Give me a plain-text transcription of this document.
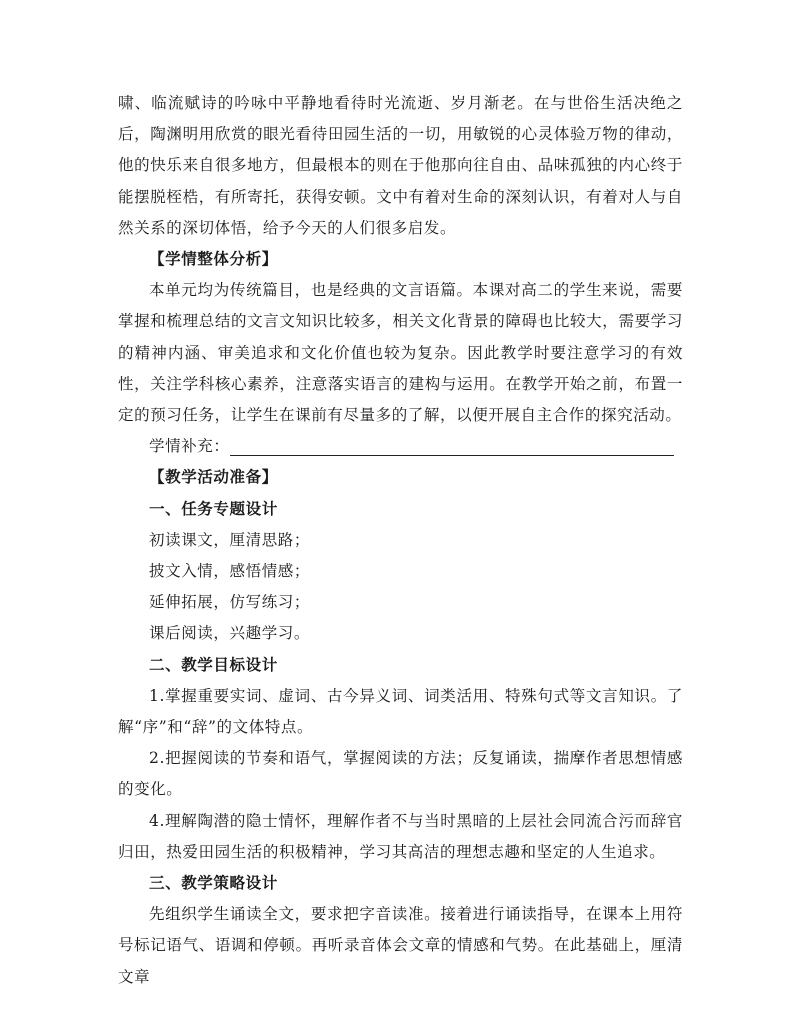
啸、临流赋诗的吟咏中平静地看待时光流逝、岁月渐老。在与世俗生活决绝之后，陶渊明用欣赏的眼光看待田园生活的一切，用敏锐的心灵体验万物的律动，他的快乐来自很多地方，但最根本的则在于他那向往自由、品味孤独的内心终于能摆脱桎梏，有所寄托，获得安顿。文中有着对生命的深刻认识，有着对人与自然关系的深切体悟，给予今天的人们很多启发。

【学情整体分析】

本单元均为传统篇目，也是经典的文言语篇。本课对高二的学生来说，需要掌握和梳理总结的文言文知识比较多，相关文化背景的障碍也比较大，需要学习的精神内涵、审美追求和文化价值也较为复杂。因此教学时要注意学习的有效性，关注学科核心素养，注意落实语言的建构与运用。在教学开始之前，布置一定的预习任务，让学生在课前有尽量多的了解，以便开展自主合作的探究活动。

学情补充：

【教学活动准备】

一、任务专题设计

初读课文，厘清思路；

披文入情，感悟情感；

延伸拓展，仿写练习；

课后阅读，兴趣学习。

二、教学目标设计

1.掌握重要实词、虚词、古今异义词、词类活用、特殊句式等文言知识。了解“序”和“辞”的文体特点。

2.把握阅读的节奏和语气，掌握阅读的方法；反复诵读，揣摩作者思想情感的变化。

4.理解陶潜的隐士情怀，理解作者不与当时黑暗的上层社会同流合污而辞官归田，热爱田园生活的积极精神，学习其高洁的理想志趣和坚定的人生追求。

三、教学策略设计

先组织学生诵读全文，要求把字音读准。接着进行诵读指导，在课本上用符号标记语气、语调和停顿。再听录音体会文章的情感和气势。在此基础上，厘清文章
